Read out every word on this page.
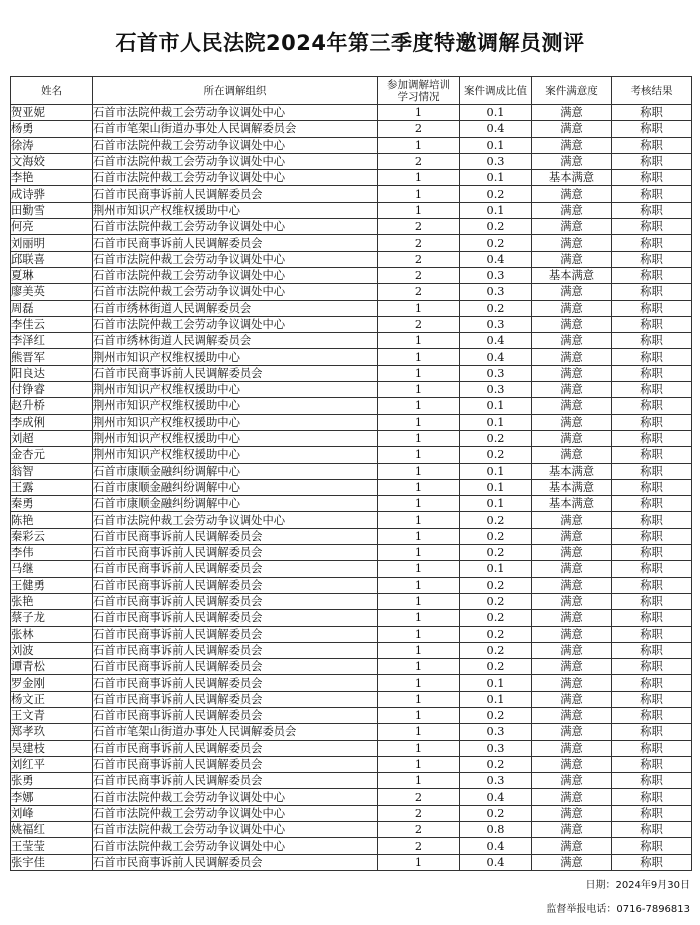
石首市人民法院2024年第三季度特邀调解员测评
姓名	所在调解组织	参加调解培训学习情况	案件调成比值	案件满意度	考核结果
贺亚妮	石首市法院仲裁工会劳动争议调处中心	1	0.1	满意	称职
杨勇	石首市笔架山街道办事处人民调解委员会	2	0.4	满意	称职
徐涛	石首市法院仲裁工会劳动争议调处中心	1	0.1	满意	称职
文海姣	石首市法院仲裁工会劳动争议调处中心	2	0.3	满意	称职
李艳	石首市法院仲裁工会劳动争议调处中心	1	0.1	基本满意	称职
成诗骅	石首市民商事诉前人民调解委员会	1	0.2	满意	称职
田勤雪	荆州市知识产权维权援助中心	1	0.1	满意	称职
何亮	石首市法院仲裁工会劳动争议调处中心	2	0.2	满意	称职
刘丽明	石首市民商事诉前人民调解委员会	2	0.2	满意	称职
邱联喜	石首市法院仲裁工会劳动争议调处中心	2	0.4	满意	称职
夏琳	石首市法院仲裁工会劳动争议调处中心	2	0.3	基本满意	称职
廖美英	石首市法院仲裁工会劳动争议调处中心	2	0.3	满意	称职
周磊	石首市绣林街道人民调解委员会	1	0.2	满意	称职
李佳云	石首市法院仲裁工会劳动争议调处中心	2	0.3	满意	称职
李泽红	石首市绣林街道人民调解委员会	1	0.4	满意	称职
熊晋军	荆州市知识产权维权援助中心	1	0.4	满意	称职
阳良达	石首市民商事诉前人民调解委员会	1	0.3	满意	称职
付铮睿	荆州市知识产权维权援助中心	1	0.3	满意	称职
赵升桥	荆州市知识产权维权援助中心	1	0.1	满意	称职
李成俐	荆州市知识产权维权援助中心	1	0.1	满意	称职
刘超	荆州市知识产权维权援助中心	1	0.2	满意	称职
金杏元	荆州市知识产权维权援助中心	1	0.2	满意	称职
翁智	石首市康顺金融纠纷调解中心	1	0.1	基本满意	称职
王露	石首市康顺金融纠纷调解中心	1	0.1	基本满意	称职
秦勇	石首市康顺金融纠纷调解中心	1	0.1	基本满意	称职
陈艳	石首市法院仲裁工会劳动争议调处中心	1	0.2	满意	称职
秦彩云	石首市民商事诉前人民调解委员会	1	0.2	满意	称职
李伟	石首市民商事诉前人民调解委员会	1	0.2	满意	称职
马继	石首市民商事诉前人民调解委员会	1	0.1	满意	称职
王健勇	石首市民商事诉前人民调解委员会	1	0.2	满意	称职
张艳	石首市民商事诉前人民调解委员会	1	0.2	满意	称职
蔡子龙	石首市民商事诉前人民调解委员会	1	0.2	满意	称职
张林	石首市民商事诉前人民调解委员会	1	0.2	满意	称职
刘波	石首市民商事诉前人民调解委员会	1	0.2	满意	称职
谭青松	石首市民商事诉前人民调解委员会	1	0.2	满意	称职
罗金刚	石首市民商事诉前人民调解委员会	1	0.1	满意	称职
杨文正	石首市民商事诉前人民调解委员会	1	0.1	满意	称职
王文青	石首市民商事诉前人民调解委员会	1	0.2	满意	称职
郑孝玖	石首市笔架山街道办事处人民调解委员会	1	0.3	满意	称职
吴建枝	石首市民商事诉前人民调解委员会	1	0.3	满意	称职
刘红平	石首市民商事诉前人民调解委员会	1	0.2	满意	称职
张勇	石首市民商事诉前人民调解委员会	1	0.3	满意	称职
李娜	石首市法院仲裁工会劳动争议调处中心	2	0.4	满意	称职
刘峰	石首市法院仲裁工会劳动争议调处中心	2	0.2	满意	称职
姚福红	石首市法院仲裁工会劳动争议调处中心	2	0.8	满意	称职
王莹莹	石首市法院仲裁工会劳动争议调处中心	2	0.4	满意	称职
张宇佳	石首市民商事诉前人民调解委员会	1	0.4	满意	称职
日期：2024年9月30日
监督举报电话：0716-7896813
